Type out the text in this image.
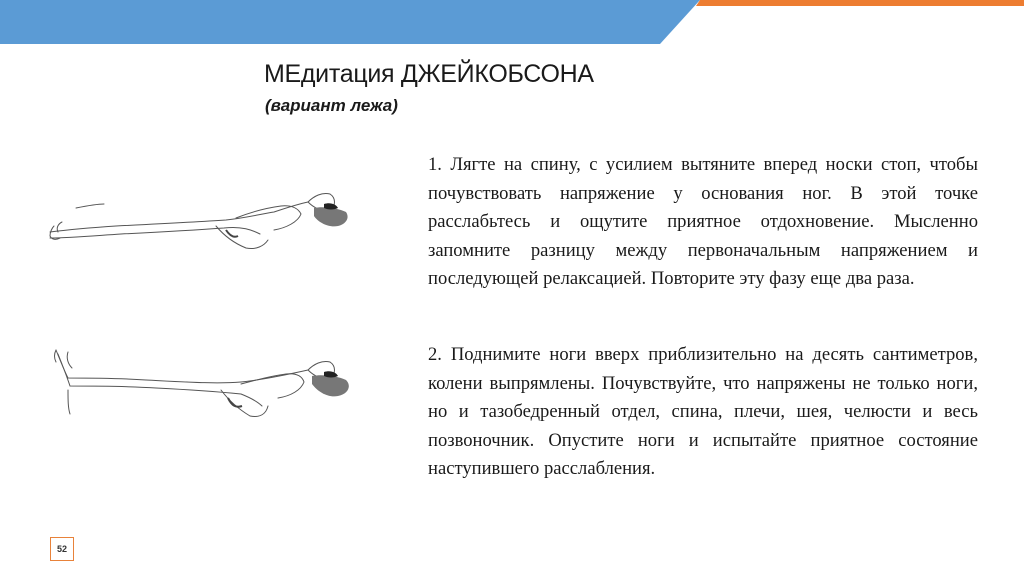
МЕдитация ДЖЕЙКОБСОНА
(вариант лежа)
1. Лягте на спину, с усилием вытяните вперед носки стоп, чтобы почувствовать напряжение у основания ног. В этой точке расслабьтесь и ощутите приятное отдохновение. Мысленно запомните разницу между первоначальным напряжением и последующей релаксацией. Повторите эту фазу еще два раза.
2. Поднимите ноги вверх приблизительно на десять сантиметров, колени выпрямлены. Почувствуйте, что напряжены не только ноги, но и тазобедренный отдел, спина, плечи, шея, челюсти и весь позвоночник. Опустите ноги и испытайте приятное состояние наступившего расслабления.
52
